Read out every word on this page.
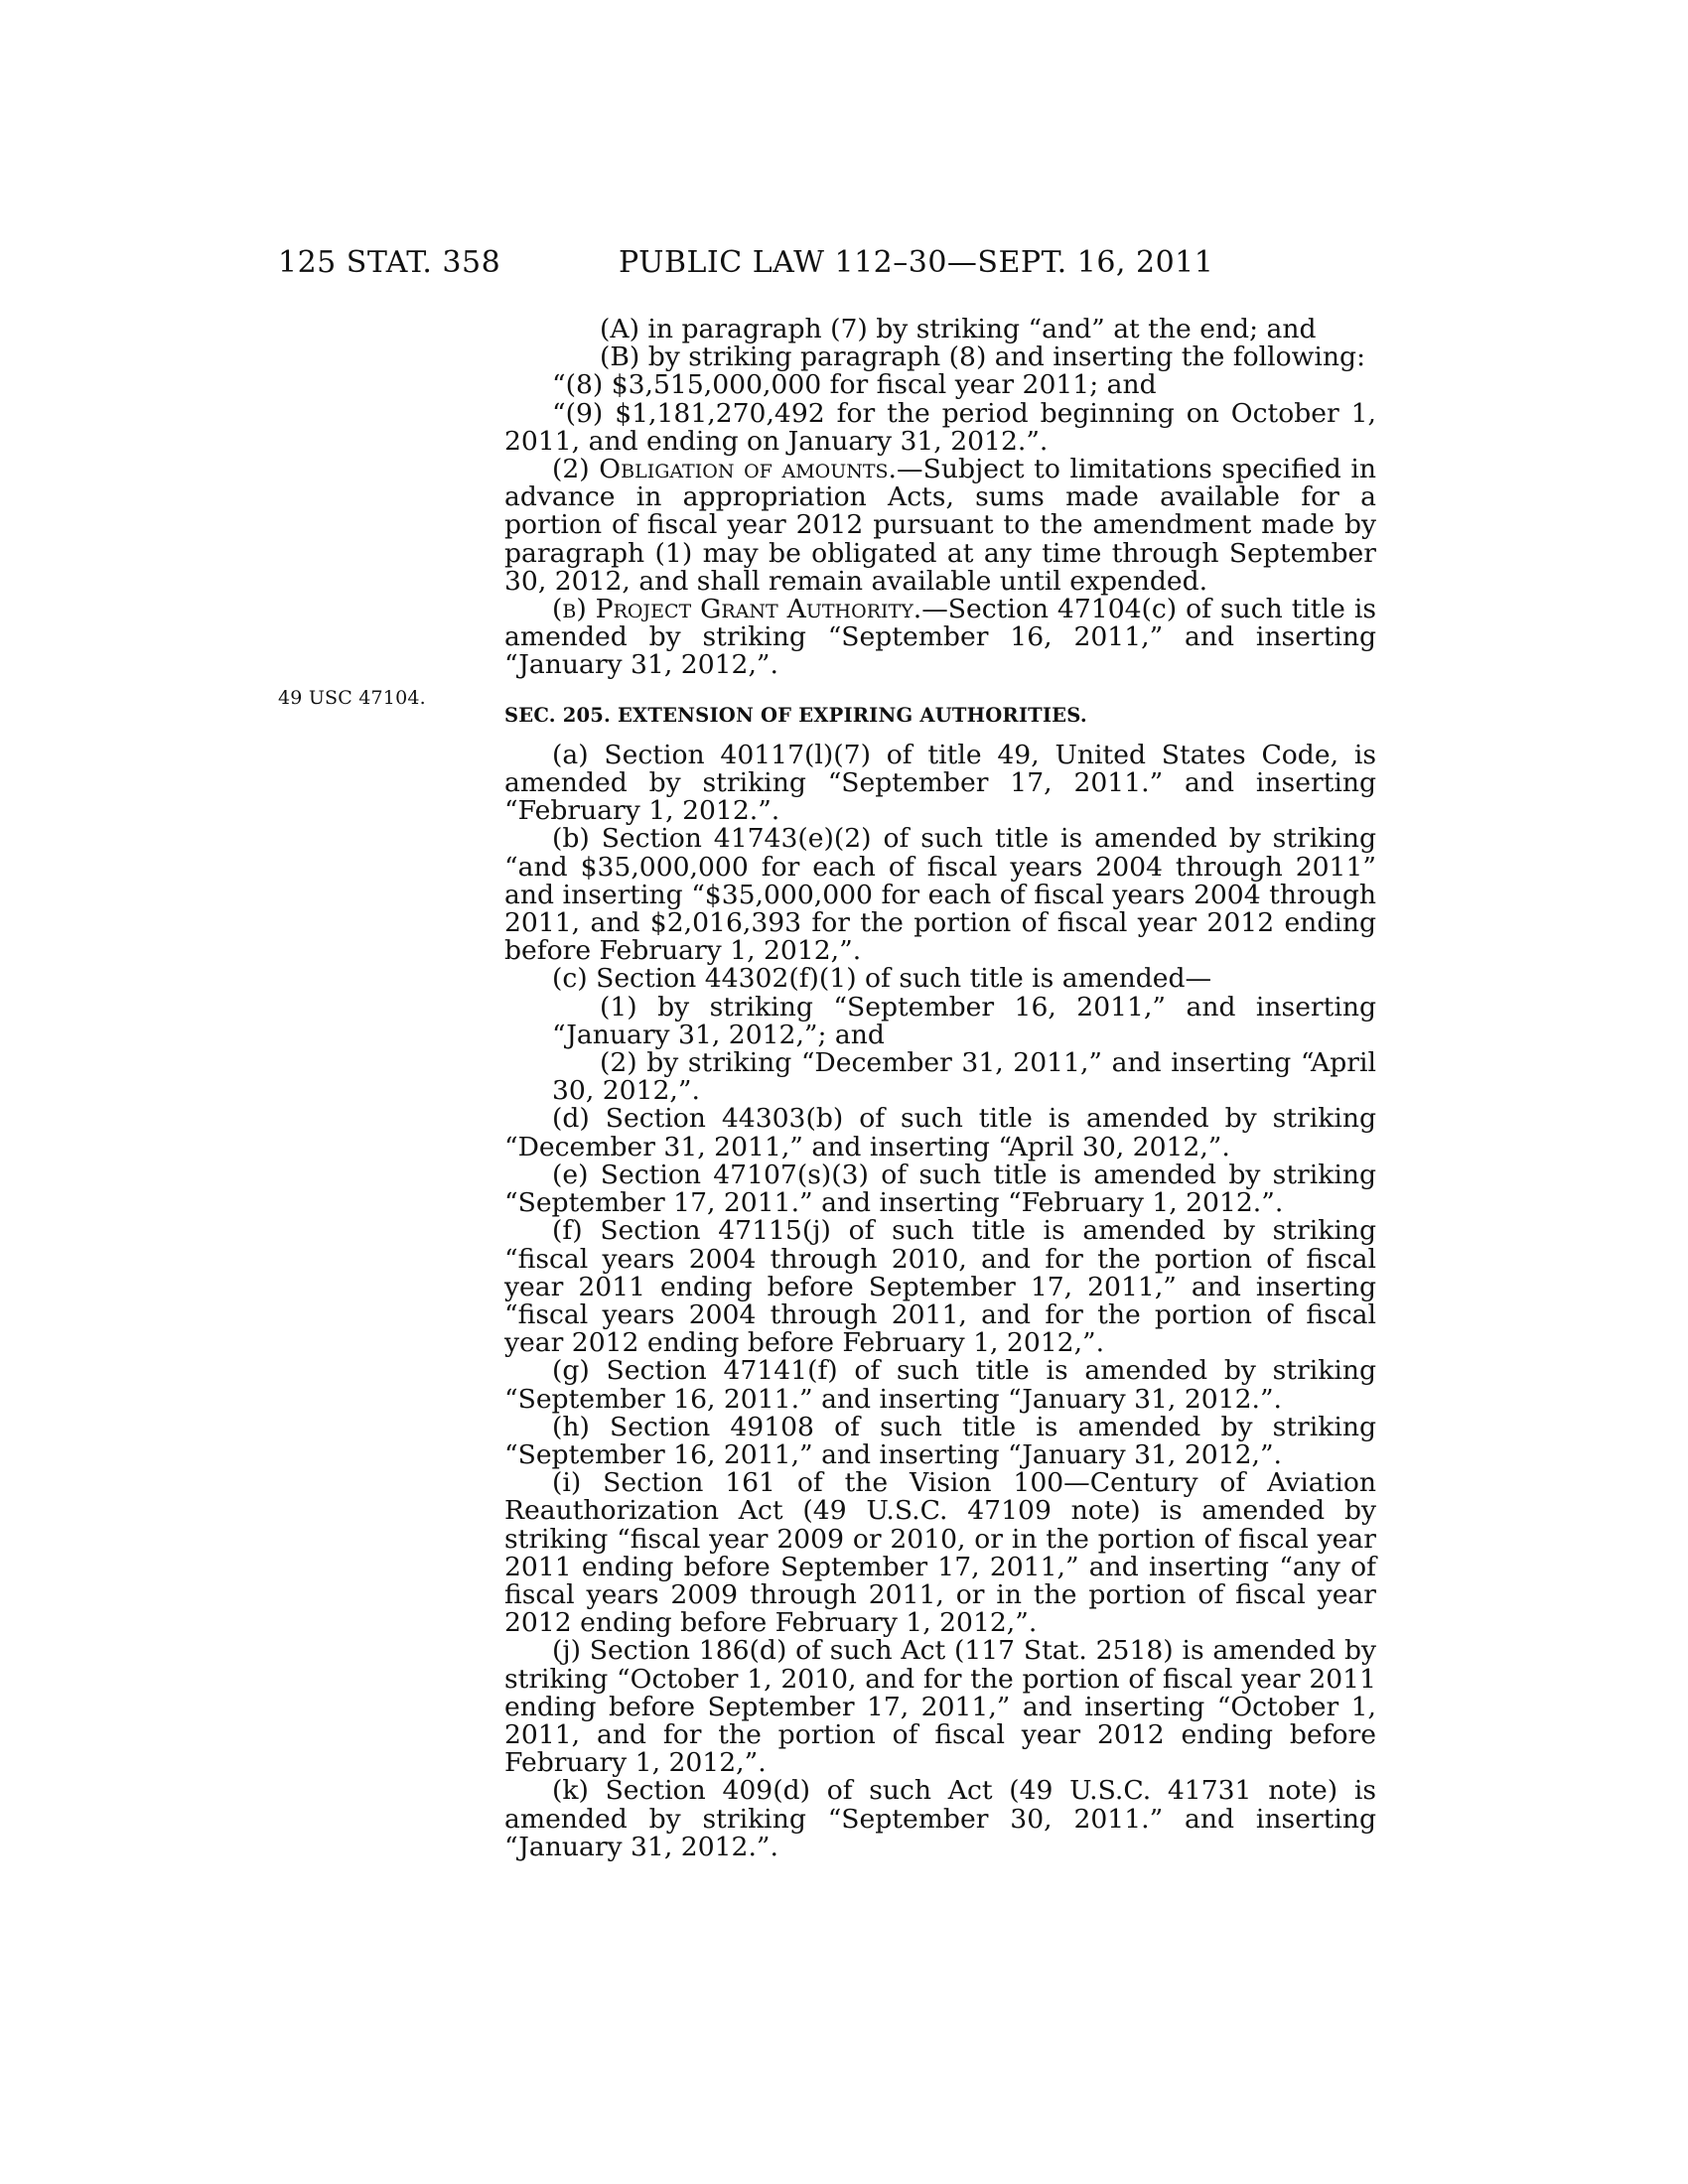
125 STAT. 358	PUBLIC LAW 112–30—SEPT. 16, 2011
49 USC 47104.

(A) in paragraph (7) by striking “and” at the end; and

(B) by striking paragraph (8) and inserting the following:

“(8) $3,515,000,000 for fiscal year 2011; and

“(9) $1,181,270,492 for the period beginning on October 1, 2011, and ending on January 31, 2012.”.

(2) Obligation of amounts.—Subject to limitations specified in advance in appropriation Acts, sums made available for a portion of fiscal year 2012 pursuant to the amendment made by paragraph (1) may be obligated at any time through September 30, 2012, and shall remain available until expended.

(b) Project Grant Authority.—Section 47104(c) of such title is amended by striking “September 16, 2011,” and inserting “January 31, 2012,”.

SEC. 205. EXTENSION OF EXPIRING AUTHORITIES.

(a) Section 40117(l)(7) of title 49, United States Code, is amended by striking “September 17, 2011.” and inserting “February 1, 2012.”.

(b) Section 41743(e)(2) of such title is amended by striking “and $35,000,000 for each of fiscal years 2004 through 2011” and inserting “$35,000,000 for each of fiscal years 2004 through 2011, and $2,016,393 for the portion of fiscal year 2012 ending before February 1, 2012,”.

(c) Section 44302(f)(1) of such title is amended—

(1) by striking “September 16, 2011,” and inserting “January 31, 2012,”; and

(2) by striking “December 31, 2011,” and inserting “April 30, 2012,”.

(d) Section 44303(b) of such title is amended by striking “December 31, 2011,” and inserting “April 30, 2012,”.

(e) Section 47107(s)(3) of such title is amended by striking “September 17, 2011.” and inserting “February 1, 2012.”.

(f) Section 47115(j) of such title is amended by striking “fiscal years 2004 through 2010, and for the portion of fiscal year 2011 ending before September 17, 2011,” and inserting “fiscal years 2004 through 2011, and for the portion of fiscal year 2012 ending before February 1, 2012,”.

(g) Section 47141(f) of such title is amended by striking “September 16, 2011.” and inserting “January 31, 2012.”.

(h) Section 49108 of such title is amended by striking “September 16, 2011,” and inserting “January 31, 2012,”.

(i) Section 161 of the Vision 100—Century of Aviation Reauthorization Act (49 U.S.C. 47109 note) is amended by striking “fiscal year 2009 or 2010, or in the portion of fiscal year 2011 ending before September 17, 2011,” and inserting “any of fiscal years 2009 through 2011, or in the portion of fiscal year 2012 ending before February 1, 2012,”.

(j) Section 186(d) of such Act (117 Stat. 2518) is amended by striking “October 1, 2010, and for the portion of fiscal year 2011 ending before September 17, 2011,” and inserting “October 1, 2011, and for the portion of fiscal year 2012 ending before February 1, 2012,”.

(k) Section 409(d) of such Act (49 U.S.C. 41731 note) is amended by striking “September 30, 2011.” and inserting “January 31, 2012.”.
